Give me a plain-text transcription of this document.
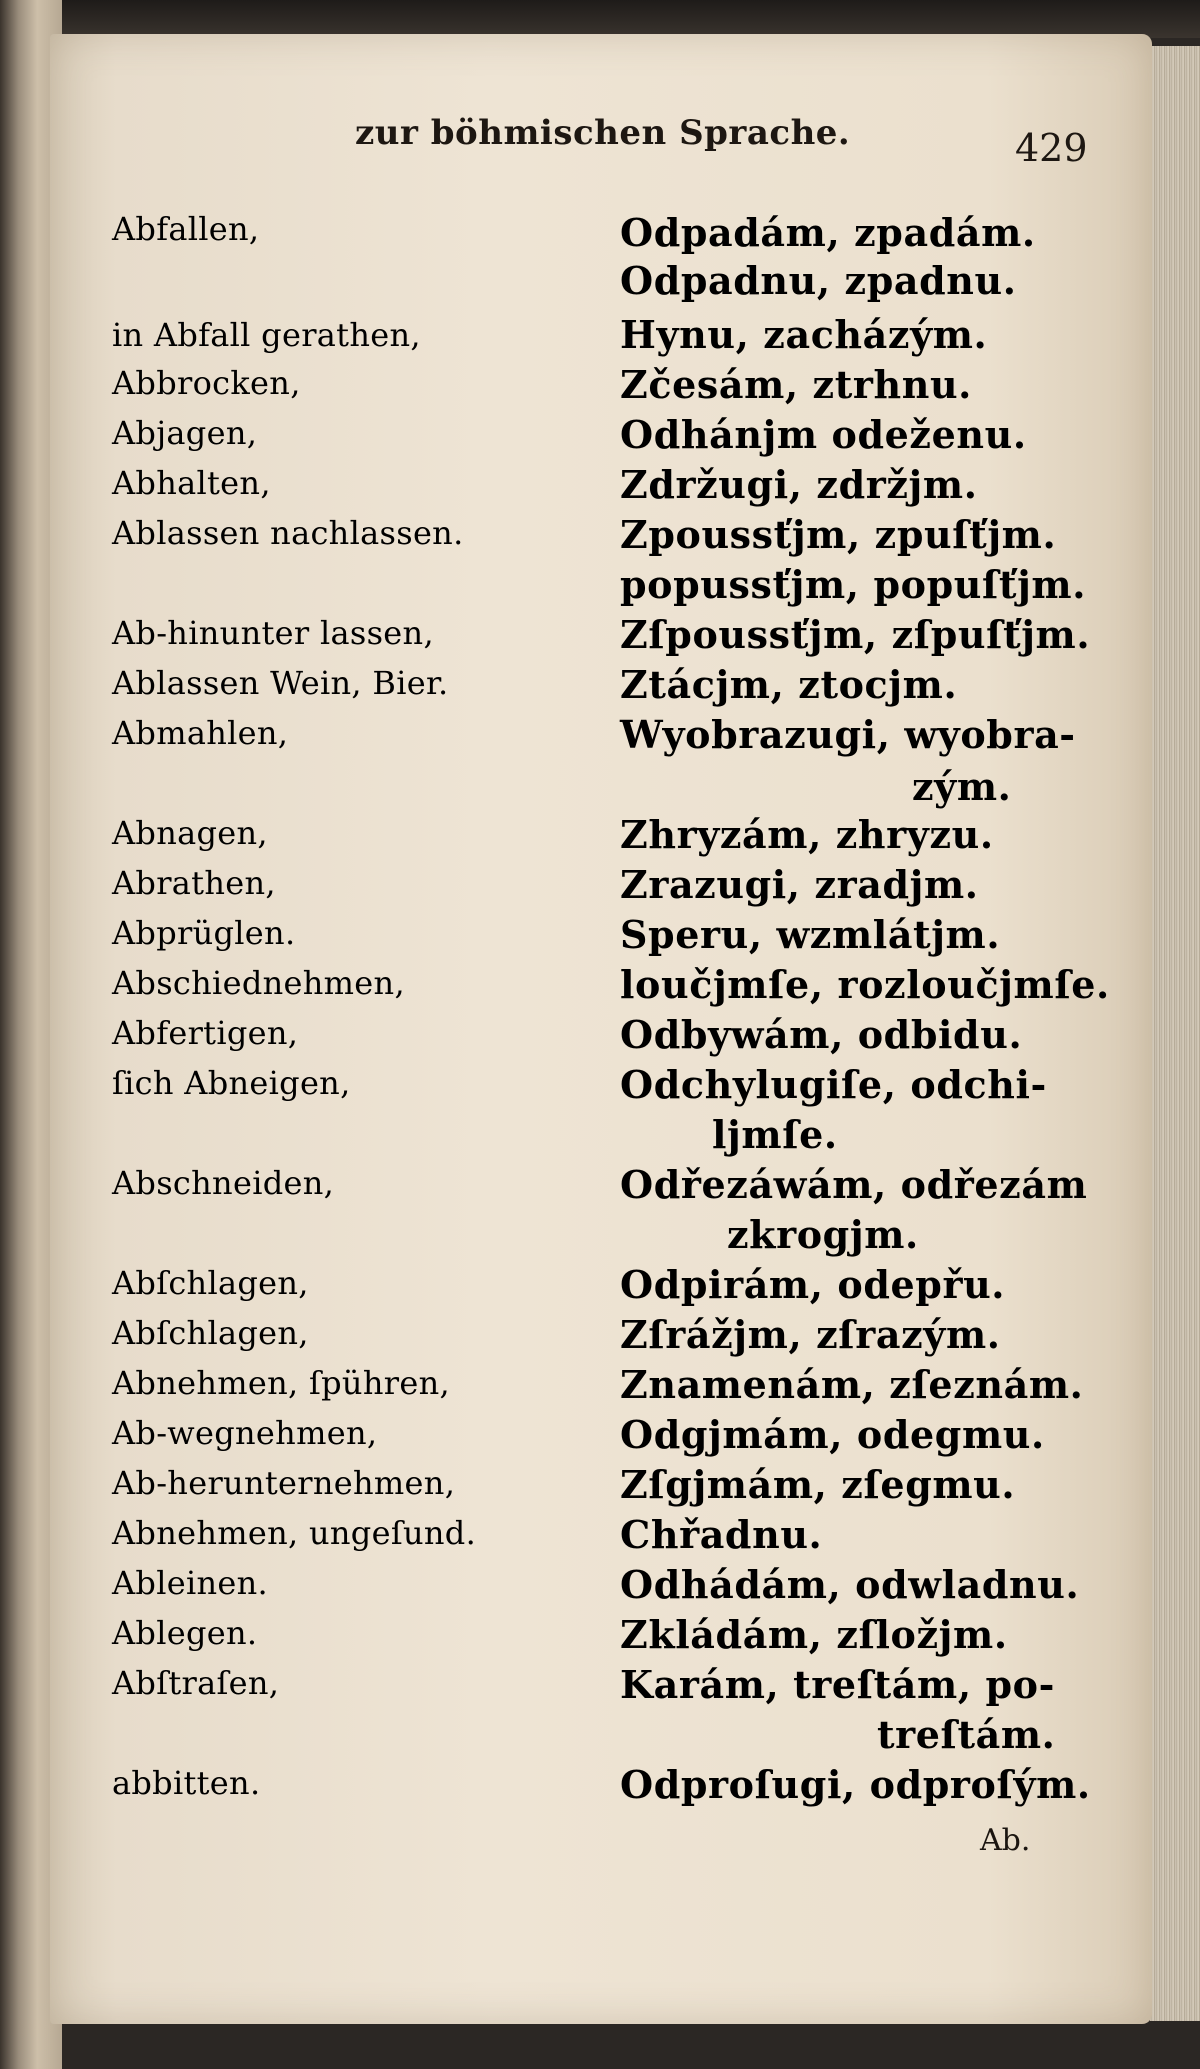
zur böhmischen Sprache.	429
Abfallen,	Odpadám, zpadám.
Odpadnu, zpadnu.
in Abfall gerathen,	Hynu, zacházým.
Abbrocken,	Zčesám, ztrhnu.
Abjagen,	Odhánjm odeženu.
Abhalten,	Zdržugi, zdržjm.
Ablassen nachlassen.	Zpoussťjm, zpuſťjm.
popussťjm, popuſťjm.
Ab-hinunter lassen,	Zſpoussťjm, zſpuſťjm.
Ablassen Wein, Bier.	Ztácjm, ztocjm.
Abmahlen,	Wyobrazugi, wyobra-
zým.
Abnagen,	Zhryzám, zhryzu.
Abrathen,	Zrazugi, zradjm.
Abprüglen.	Speru, wzmlátjm.
Abschiednehmen,	loučjmſe, rozloučjmſe.
Abfertigen,	Odbywám, odbidu.
ſich Abneigen,	Odchylugiſe, odchi-
ljmſe.
Abschneiden,	Odřezáwám, odřezám
zkrogjm.
Abſchlagen,	Odpirám, odepřu.
Abſchlagen,	Zſrážjm, zſrazým.
Abnehmen, ſpühren,	Znamenám, zſeznám.
Ab-wegnehmen,	Odgjmám, odegmu.
Ab-herunternehmen,	Zſgjmám, zſegmu.
Abnehmen, ungeſund.	Chřadnu.
Ableinen.	Odhádám, odwladnu.
Ablegen.	Zkládám, zſložjm.
Abſtraſen,	Karám, treſtám, po-
treſtám.
abbitten.	Odproſugi, odproſým.
Ab.
